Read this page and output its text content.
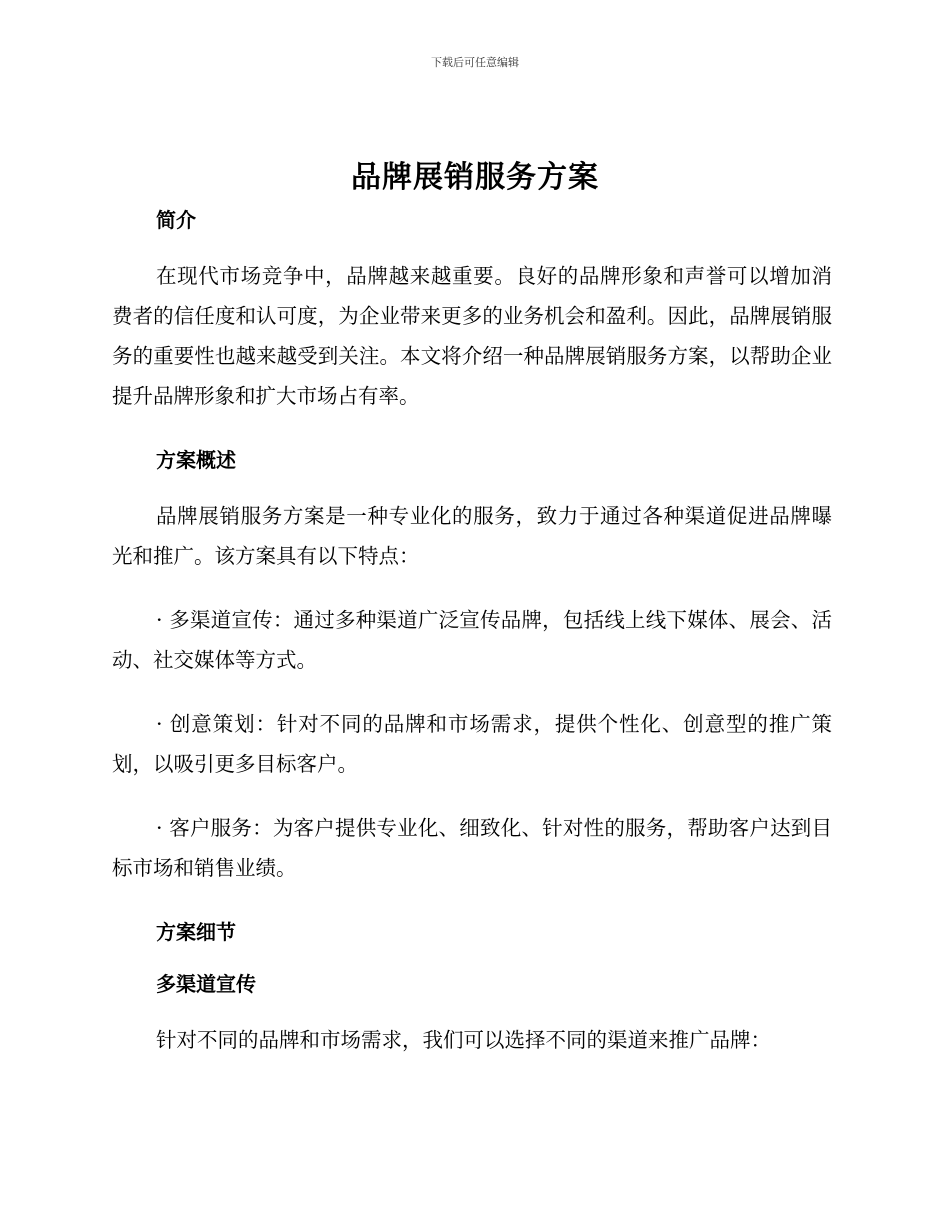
下载后可任意编辑
品牌展销服务方案
简介

在现代市场竞争中，品牌越来越重要。良好的品牌形象和声誉可以增加消费者的信任度和认可度，为企业带来更多的业务机会和盈利。因此，品牌展销服务的重要性也越来越受到关注。本文将介绍一种品牌展销服务方案，以帮助企业提升品牌形象和扩大市场占有率。

方案概述

品牌展销服务方案是一种专业化的服务，致力于通过各种渠道促进品牌曝光和推广。该方案具有以下特点：

· 多渠道宣传：通过多种渠道广泛宣传品牌，包括线上线下媒体、展会、活动、社交媒体等方式。

· 创意策划：针对不同的品牌和市场需求，提供个性化、创意型的推广策划，以吸引更多目标客户。

· 客户服务：为客户提供专业化、细致化、针对性的服务，帮助客户达到目标市场和销售业绩。

方案细节
多渠道宣传

针对不同的品牌和市场需求，我们可以选择不同的渠道来推广品牌：
